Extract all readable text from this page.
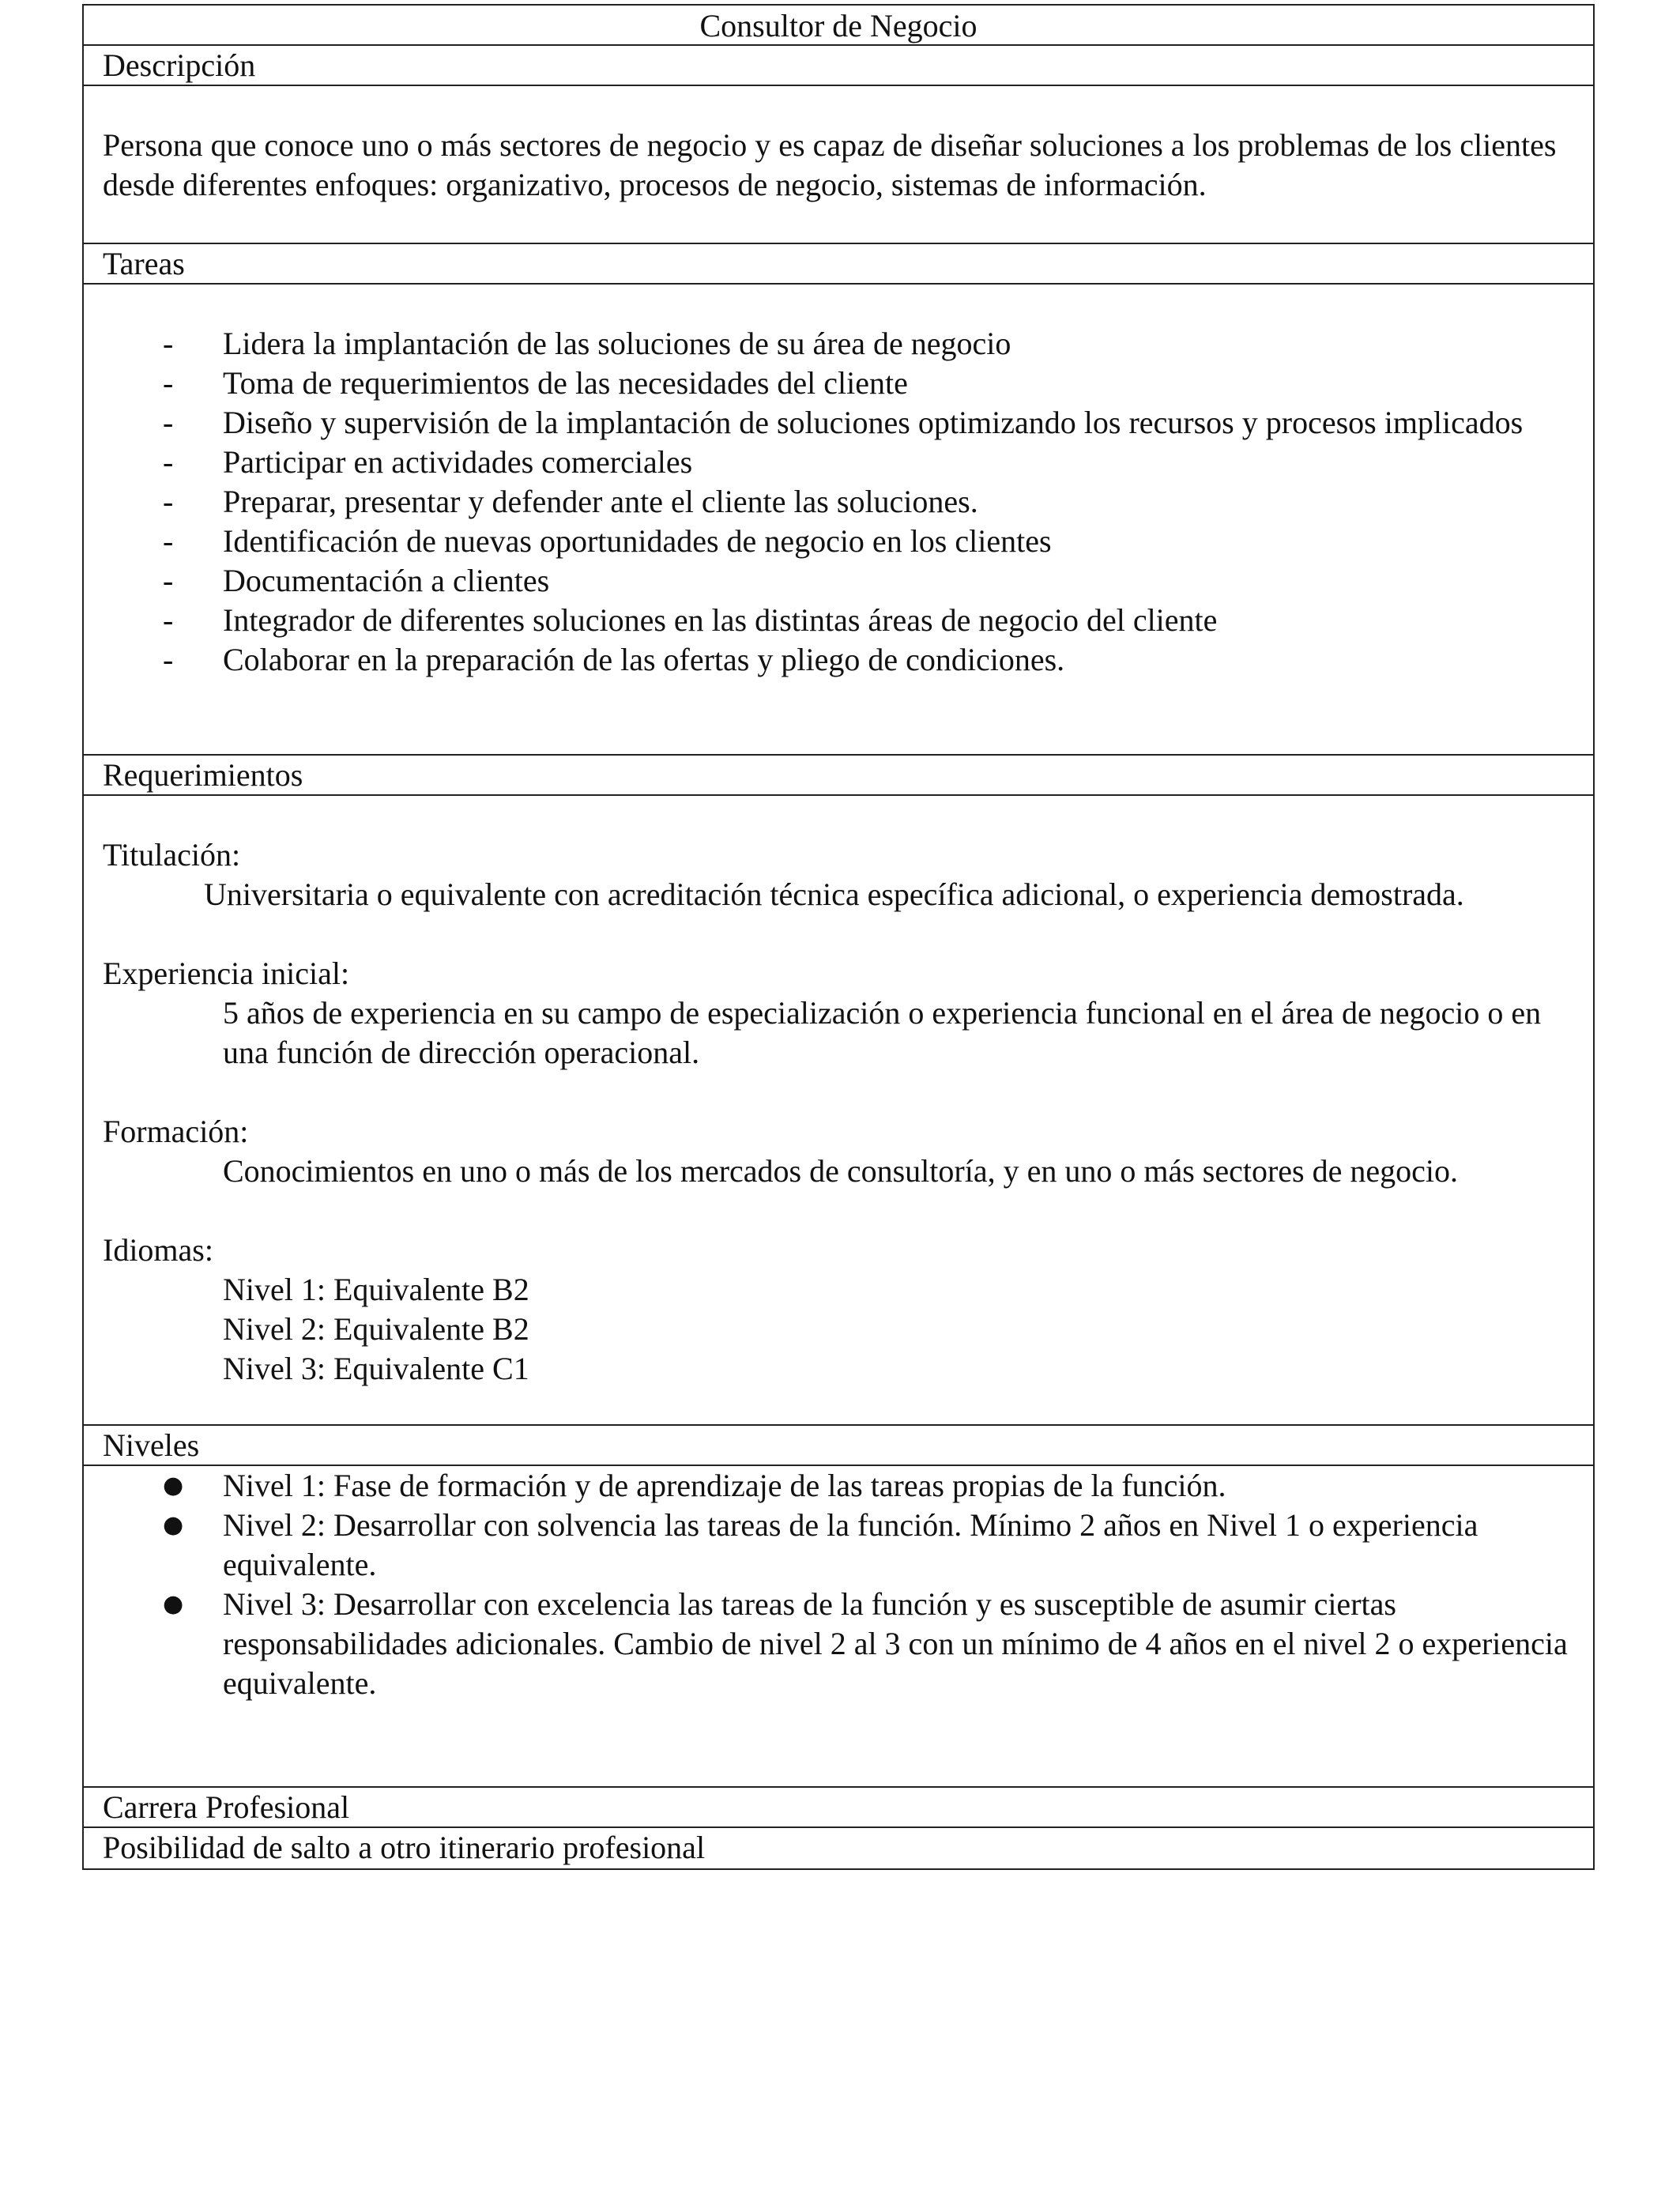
Consultor de Negocio
Descripción

Persona que conoce uno o más sectores de negocio y es capaz de diseñar soluciones a los problemas de los clientes desde diferentes enfoques: organizativo, procesos de negocio, sistemas de información.

Tareas
- Lidera la implantación de las soluciones de su área de negocio
- Toma de requerimientos de las necesidades del cliente
- Diseño y supervisión de la implantación de soluciones optimizando los recursos y procesos implicados
- Participar en actividades comerciales
- Preparar, presentar y defender ante el cliente las soluciones.
- Identificación de nuevas oportunidades de negocio en los clientes
- Documentación a clientes
- Integrador de diferentes soluciones en las distintas áreas de negocio del cliente
- Colaborar en la preparación de las ofertas y pliego de condiciones.
Requerimientos
Titulación:
Universitaria o equivalente con acreditación técnica específica adicional, o experiencia demostrada.
Experiencia inicial:
5 años de experiencia en su campo de especialización o experiencia funcional en el área de negocio o en una función de dirección operacional.
Formación:
Conocimientos en uno o más de los mercados de consultoría, y en uno o más sectores de negocio.
Idiomas:
Nivel 1: Equivalente B2
Nivel 2: Equivalente B2
Nivel 3: Equivalente C1
Niveles
● Nivel 1: Fase de formación y de aprendizaje de las tareas propias de la función.
● Nivel 2: Desarrollar con solvencia las tareas de la función. Mínimo 2 años en Nivel 1 o experiencia equivalente.
● Nivel 3: Desarrollar con excelencia las tareas de la función y es susceptible de asumir ciertas responsabilidades adicionales. Cambio de nivel 2 al 3 con un mínimo de 4 años en el nivel 2 o experiencia equivalente.
Carrera Profesional
Posibilidad de salto a otro itinerario profesional
